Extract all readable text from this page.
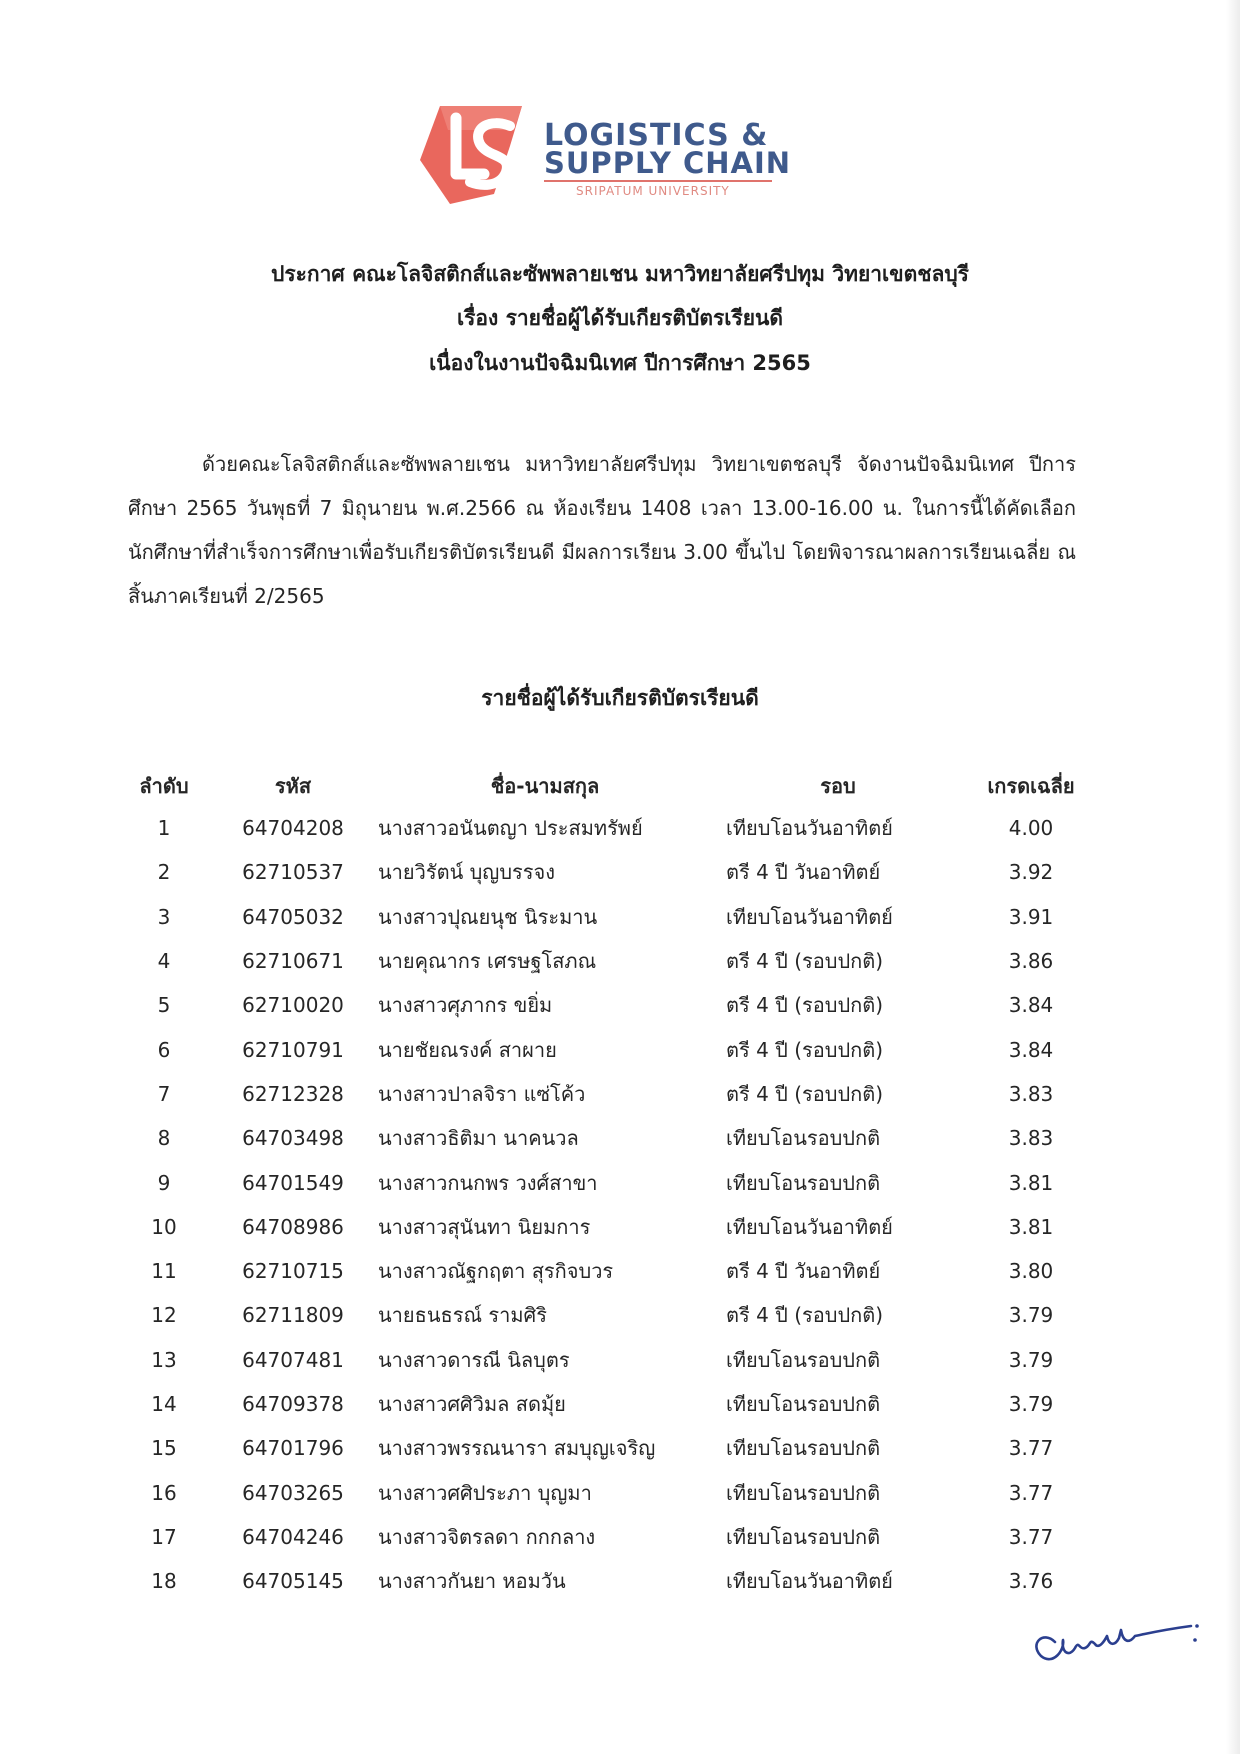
LOGISTICS &
SUPPLY CHAIN
SRIPATUM UNIVERSITY
ประกาศ คณะโลจิสติกส์และซัพพลายเชน มหาวิทยาลัยศรีปทุม วิทยาเขตชลบุรี
เรื่อง รายชื่อผู้ได้รับเกียรติบัตรเรียนดี
เนื่องในงานปัจฉิมนิเทศ ปีการศึกษา 2565
ด้วยคณะโลจิสติกส์และซัพพลายเชน มหาวิทยาลัยศรีปทุม วิทยาเขตชลบุรี จัดงานปัจฉิมนิเทศ ปีการศึกษา 2565 วันพุธที่ 7 มิถุนายน พ.ศ.2566 ณ ห้องเรียน 1408 เวลา 13.00-16.00 น. ในการนี้ได้คัดเลือกนักศึกษาที่สำเร็จการศึกษาเพื่อรับเกียรติบัตรเรียนดี มีผลการเรียน 3.00 ขึ้นไป โดยพิจารณาผลการเรียนเฉลี่ย ณ สิ้นภาคเรียนที่ 2/2565
รายชื่อผู้ได้รับเกียรติบัตรเรียนดี
ลำดับ	รหัส	ชื่อ-นามสกุล	รอบ	เกรดเฉลี่ย
1	64704208	นางสาวอนันตญา ประสมทรัพย์	เทียบโอนวันอาทิตย์	4.00
2	62710537	นายวิรัตน์ บุญบรรจง	ตรี 4 ปี วันอาทิตย์	3.92
3	64705032	นางสาวปุณยนุช นิระมาน	เทียบโอนวันอาทิตย์	3.91
4	62710671	นายคุณากร เศรษฐโสภณ	ตรี 4 ปี (รอบปกติ)	3.86
5	62710020	นางสาวศุภากร ขยิ่ม	ตรี 4 ปี (รอบปกติ)	3.84
6	62710791	นายชัยณรงค์ สาผาย	ตรี 4 ปี (รอบปกติ)	3.84
7	62712328	นางสาวปาลจิรา แซ่โค้ว	ตรี 4 ปี (รอบปกติ)	3.83
8	64703498	นางสาวธิติมา นาคนวล	เทียบโอนรอบปกติ	3.83
9	64701549	นางสาวกนกพร วงศ์สาขา	เทียบโอนรอบปกติ	3.81
10	64708986	นางสาวสุนันทา นิยมการ	เทียบโอนวันอาทิตย์	3.81
11	62710715	นางสาวณัฐกฤตา สุรกิจบวร	ตรี 4 ปี วันอาทิตย์	3.80
12	62711809	นายธนธรณ์ รามศิริ	ตรี 4 ปี (รอบปกติ)	3.79
13	64707481	นางสาวดารณี นิลบุตร	เทียบโอนรอบปกติ	3.79
14	64709378	นางสาวศศิวิมล สดมุ้ย	เทียบโอนรอบปกติ	3.79
15	64701796	นางสาวพรรณนารา สมบุญเจริญ	เทียบโอนรอบปกติ	3.77
16	64703265	นางสาวศศิประภา บุญมา	เทียบโอนรอบปกติ	3.77
17	64704246	นางสาวจิตรลดา กกกลาง	เทียบโอนรอบปกติ	3.77
18	64705145	นางสาวกันยา หอมวัน	เทียบโอนวันอาทิตย์	3.76
